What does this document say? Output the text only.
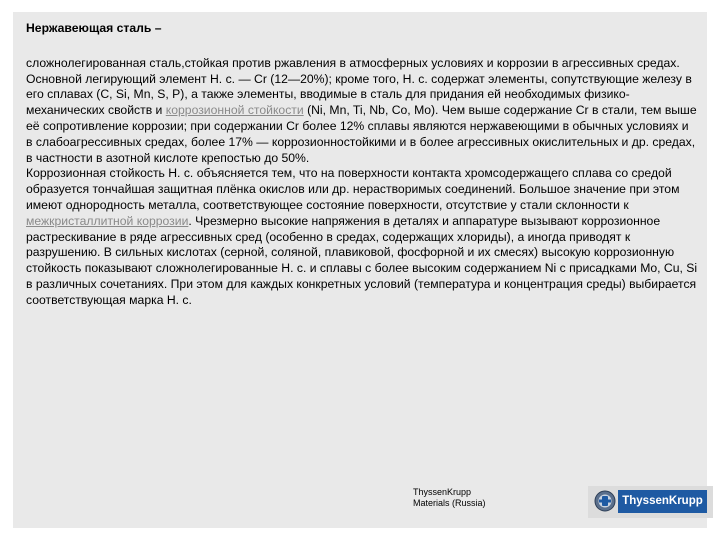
Нержавеющая сталь –

сложнолегированная сталь,стойкая против ржавления в атмосферных условиях и коррозии в агрессивных средах. Основной легирующий элемент Н. с. — Cr (12—20%); кроме того, Н. с. содержат элементы, сопутствующие железу в его сплавах (С, Si, Mn, S, Р), а также элементы, вводимые в сталь для придания ей необходимых физико-механических свойств и коррозионной стойкости (Ni, Mn, Ti, Nb, Co, Mo). Чем выше содержание Cr в стали, тем выше её сопротивление коррозии; при содержании Cr более 12% сплавы являются нержавеющими в обычных условиях и в слабоагрессивных средах, более 17% — коррозионностойкими и в более агрессивных окислительных и др. средах, в частности в азотной кислоте крепостью до 50%.

Коррозионная стойкость Н. с. объясняется тем, что на поверхности контакта хромсодержащего сплава со средой образуется тончайшая защитная плёнка окислов или др. нерастворимых соединений. Большое значение при этом имеют однородность металла, соответствующее состояние поверхности, отсутствие у стали склонности к межкристаллитной коррозии. Чрезмерно высокие напряжения в деталях и аппаратуре вызывают коррозионное растрескивание в ряде агрессивных сред (особенно в средах, содержащих хлориды), а иногда приводят к разрушению. В сильных кислотах (серной, соляной, плавиковой, фосфорной и их смесях) высокую коррозионную стойкость показывают сложнолегированные Н. с. и сплавы с более высоким содержанием Ni с присадками Mo, Cu, Si в различных сочетаниях. При этом для каждых конкретных условий (температура и концентрация среды) выбирается соответствующая марка Н. с.

ThyssenKrupp
Materials (Russia)	ThyssenKrupp
